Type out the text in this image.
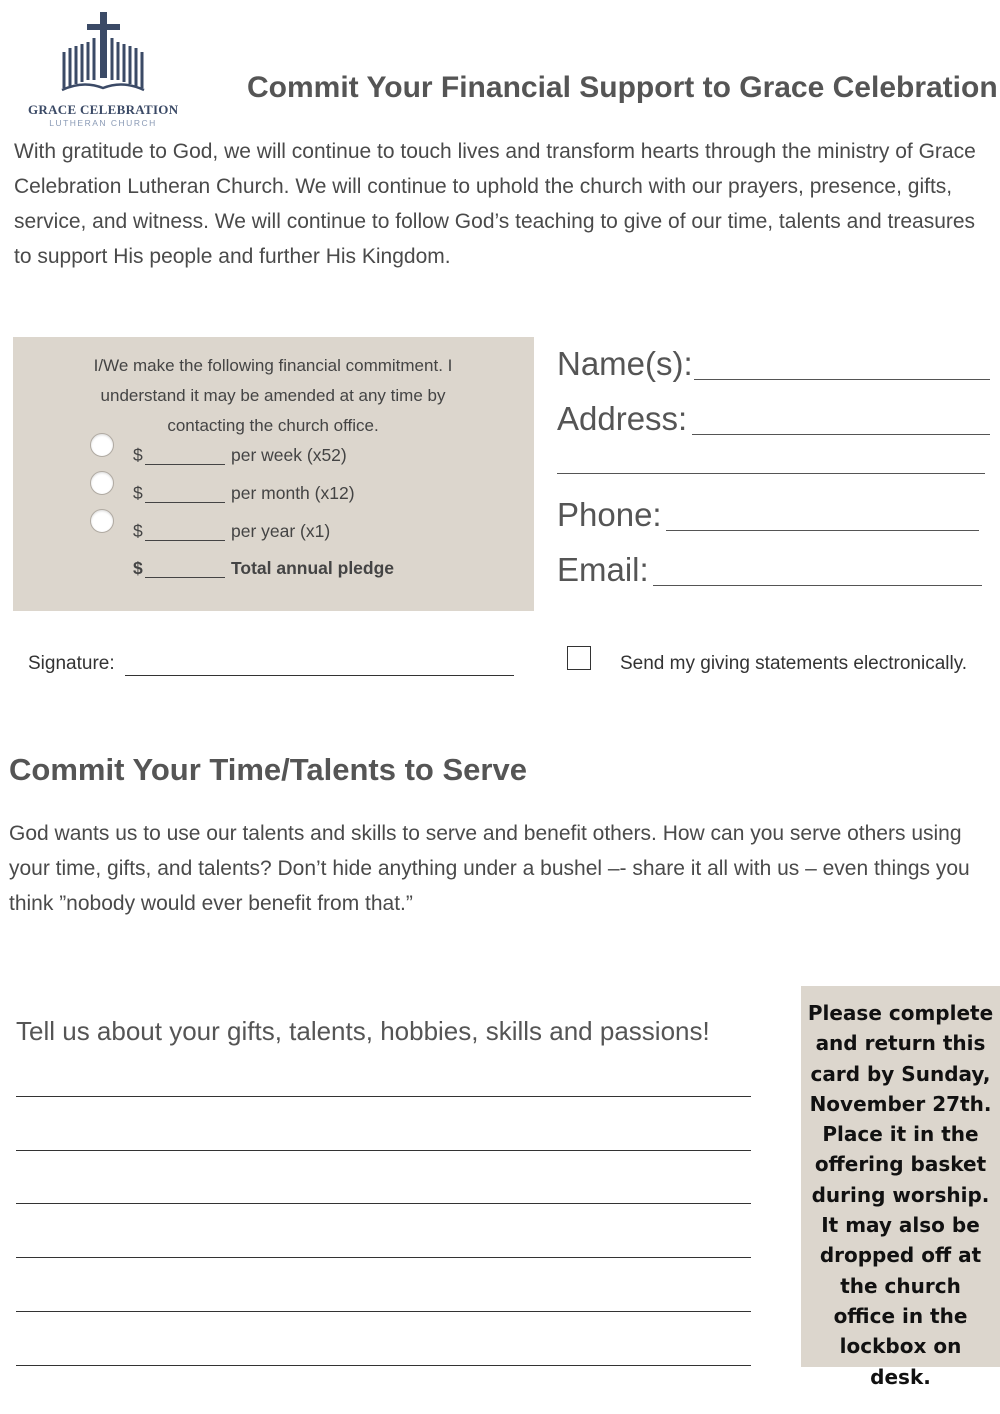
GRACE CELEBRATION
LUTHERAN CHURCH
Commit Your Financial Support to Grace Celebration

With gratitude to God, we will continue to touch lives and transform hearts through the ministry of Grace Celebration Lutheran Church. We will continue to uphold the church with our prayers, presence, gifts, service, and witness. We will continue to follow God’s teaching to give of our time, talents and treasures to support His people and further His Kingdom.

I/We make the following financial commitment. I understand it may be amended at any time by contacting the church office.

$	per week (x52)
$	per month (x12)
$	per year (x1)
$	Total annual pledge
Name(s):
Address:
Phone:
Email:
Signature:	Send my giving statements electronically.
Commit Your Time/Talents to Serve

God wants us to use our talents and skills to serve and benefit others. How can you serve others using your time, gifts, and talents? Don’t hide anything under a bushel –- share it all with us – even things you think ”nobody would ever benefit from that.”

Tell us about your gifts, talents, hobbies, skills and passions!

Please complete and return this card by Sunday, November 27th. Place it in the offering basket during worship. It may also be dropped off at the church office in the lockbox on desk.
